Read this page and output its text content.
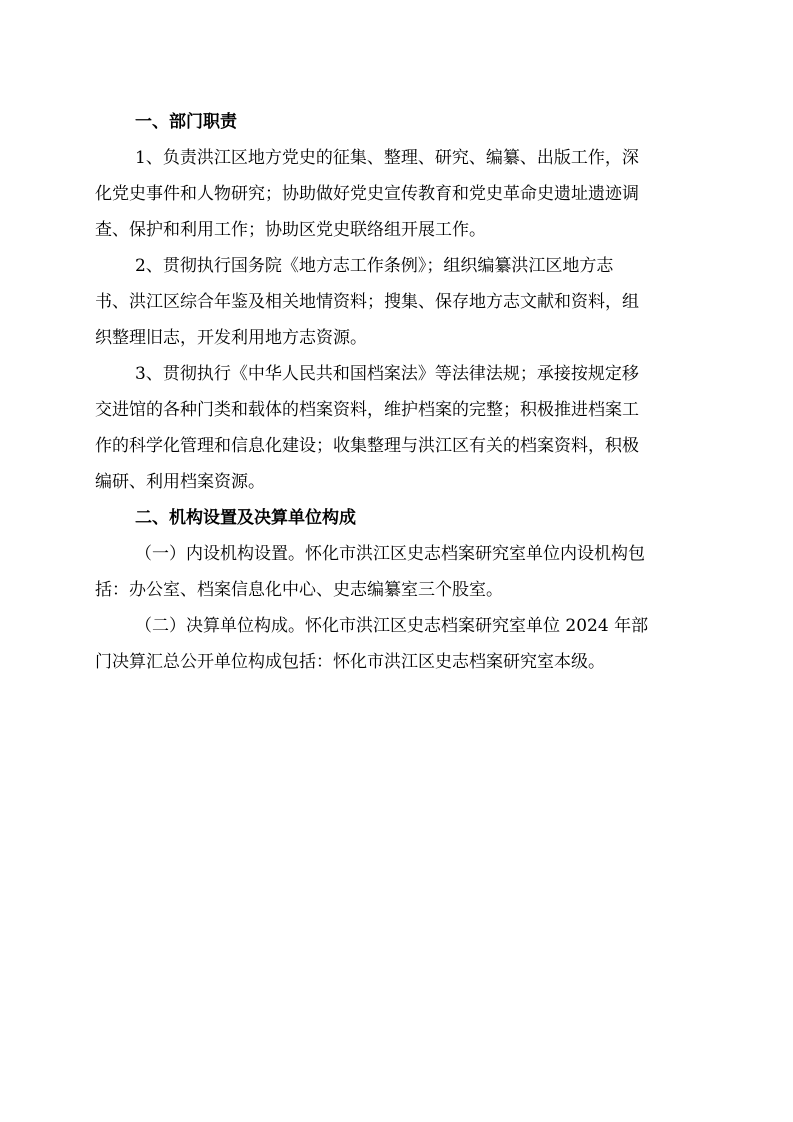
一、部门职责
1、负责洪江区地方党史的征集、整理、研究、编纂、出版工作，深
化党史事件和人物研究；协助做好党史宣传教育和党史革命史遗址遗迹调
查、保护和利用工作；协助区党史联络组开展工作。
2、贯彻执行国务院《地方志工作条例》；组织编纂洪江区地方志
书、洪江区综合年鉴及相关地情资料；搜集、保存地方志文献和资料，组
织整理旧志，开发利用地方志资源。
3、贯彻执行《中华人民共和国档案法》等法律法规；承接按规定移
交进馆的各种门类和载体的档案资料，维护档案的完整；积极推进档案工
作的科学化管理和信息化建设；收集整理与洪江区有关的档案资料，积极
编研、利用档案资源。
二、机构设置及决算单位构成
（一）内设机构设置。怀化市洪江区史志档案研究室单位内设机构包
括：办公室、档案信息化中心、史志编纂室三个股室。
（二）决算单位构成。怀化市洪江区史志档案研究室单位 2024 年部
门决算汇总公开单位构成包括：怀化市洪江区史志档案研究室本级。
